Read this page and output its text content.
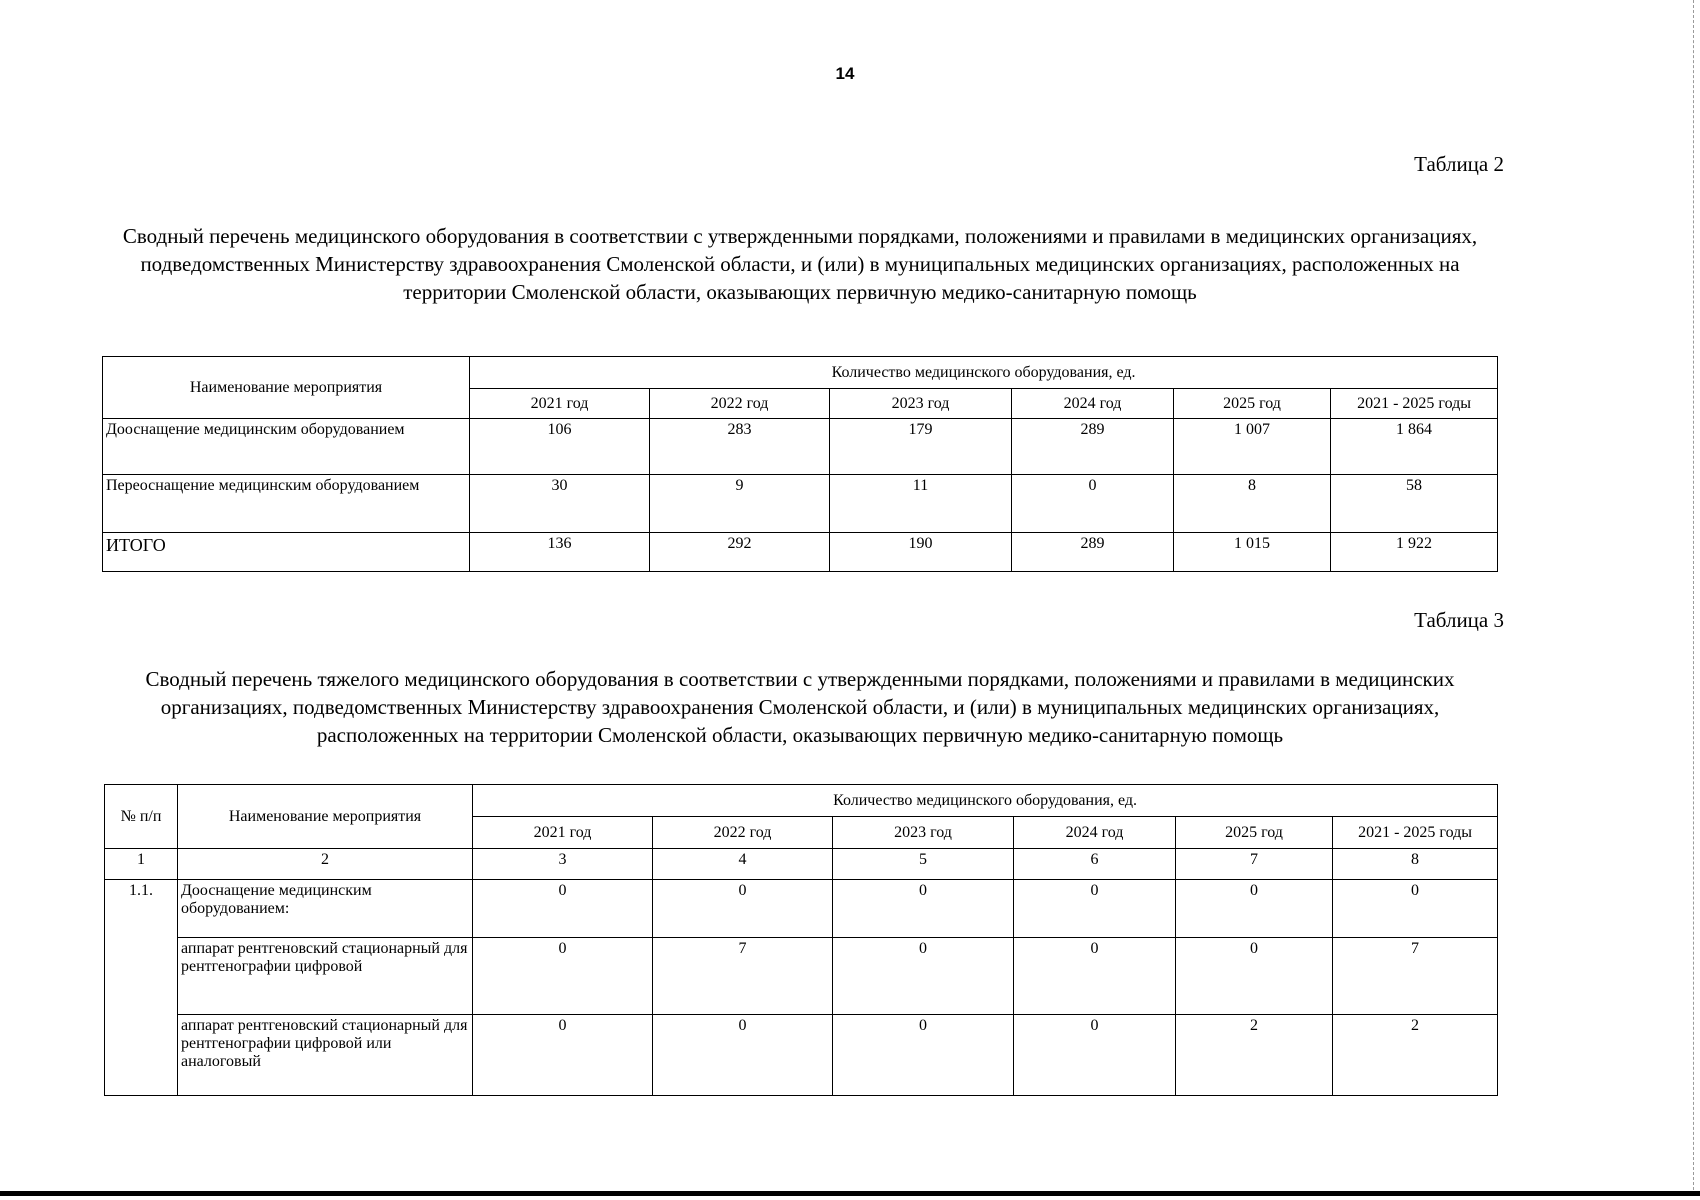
14
Таблица 2
Сводный перечень медицинского оборудования в соответствии с утвержденными порядками, положениями и правилами в медицинских организациях, подведомственных Министерству здравоохранения Смоленской области, и (или) в муниципальных медицинских организациях, расположенных на территории Смоленской области, оказывающих первичную медико-санитарную помощь
Наименование мероприятия	Количество медицинского оборудования, ед.					
	2021 год	2022 год	2023 год	2024 год	2025 год	2021 - 2025 годы
Дооснащение медицинским оборудованием	106	283	179	289	1 007	1 864
Переоснащение медицинским оборудованием	30	9	11	0	8	58
ИТОГО	136	292	190	289	1 015	1 922
Таблица 3
Сводный перечень тяжелого медицинского оборудования в соответствии с утвержденными порядками, положениями и правилами в медицинских организациях, подведомственных Министерству здравоохранения Смоленской области, и (или) в муниципальных медицинских организациях, расположенных на территории Смоленской области, оказывающих первичную медико-санитарную помощь
№ п/п	Наименование мероприятия	Количество медицинского оборудования, ед.					
		2021 год	2022 год	2023 год	2024 год	2025 год	2021 - 2025 годы
1	2	3	4	5	6	7	8
1.1.	Дооснащение медицинским оборудованием:	0	0	0	0	0	0
	аппарат рентгеновский стационарный для рентгенографии цифровой	0	7	0	0	0	7
	аппарат рентгеновский стационарный для рентгенографии цифровой или аналоговый	0	0	0	0	2	2
